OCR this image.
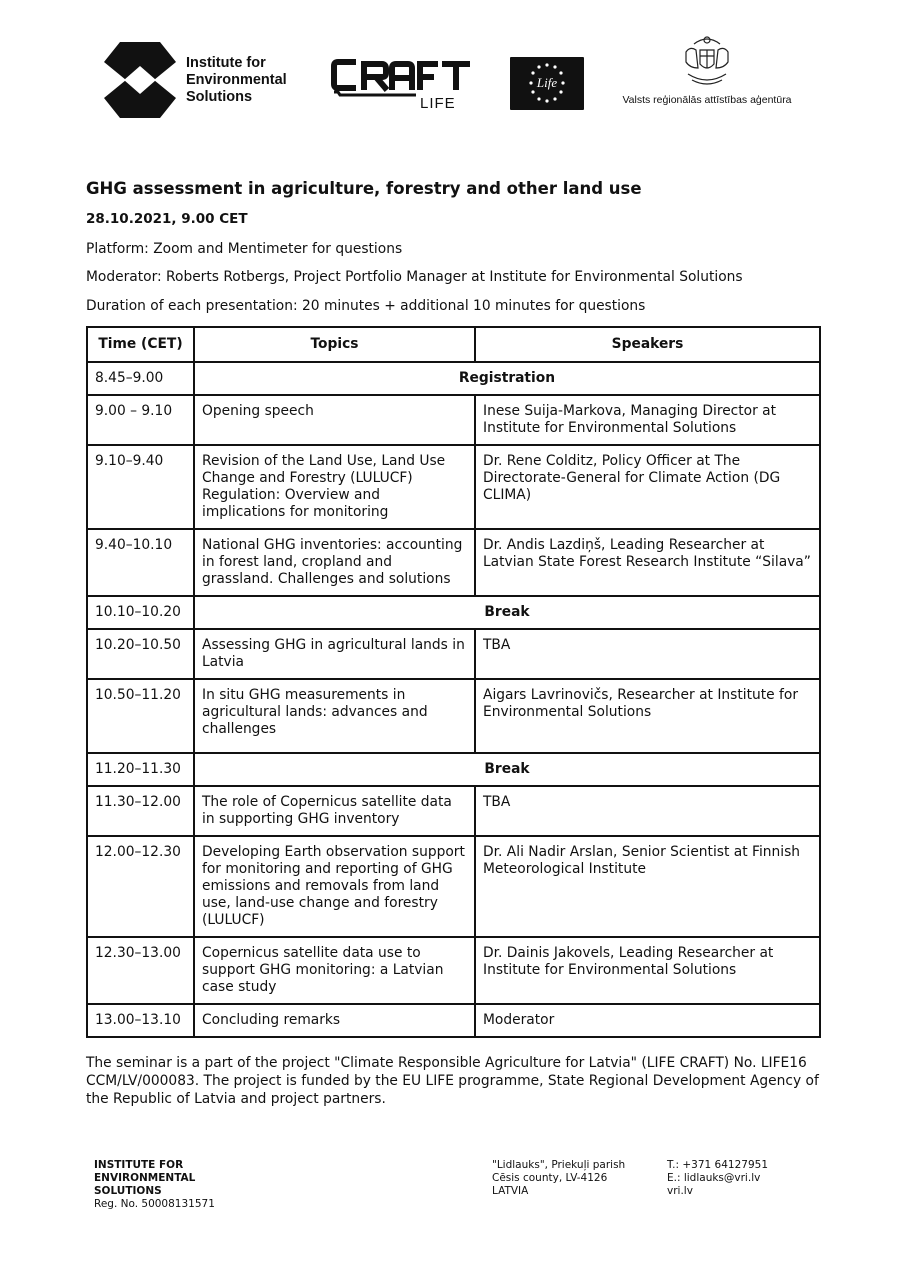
Institute for
Environmental
Solutions	LIFE
Life
Valsts reģionālās attīstības aģentūra
GHG assessment in agriculture, forestry and other land use
28.10.2021, 9.00 CET
Platform: Zoom and Mentimeter for questions
Moderator: Roberts Rotbergs, Project Portfolio Manager at Institute for Environmental Solutions
Duration of each presentation: 20 minutes + additional 10 minutes for questions
Time (CET)	Topics	Speakers
8.45–9.00	Registration	
9.00 – 9.10	Opening speech	Inese Suija-Markova, Managing Director at Institute for Environmental Solutions
9.10–9.40	Revision of the Land Use, Land Use Change and Forestry (LULUCF) Regulation: Overview and implications for monitoring	Dr. Rene Colditz, Policy Officer at The Directorate-General for Climate Action (DG CLIMA)
9.40–10.10	National GHG inventories: accounting in forest land, cropland and grassland. Challenges and solutions	Dr. Andis Lazdiņš, Leading Researcher at Latvian State Forest Research Institute “Silava”
10.10–10.20	Break	
10.20–10.50	Assessing GHG in agricultural lands in Latvia	TBA
10.50–11.20	In situ GHG measurements in agricultural lands: advances and challenges	Aigars Lavrinovičs, Researcher at Institute for Environmental Solutions
11.20–11.30	Break	
11.30–12.00	The role of Copernicus satellite data in supporting GHG inventory	TBA
12.00–12.30	Developing Earth observation support for monitoring and reporting of GHG emissions and removals from land use, land-use change and forestry (LULUCF)	Dr. Ali Nadir Arslan, Senior Scientist at Finnish Meteorological Institute
12.30–13.00	Copernicus satellite data use to support GHG monitoring: a Latvian case study	Dr. Dainis Jakovels, Leading Researcher at Institute for Environmental Solutions
13.00–13.10	Concluding remarks	Moderator

The seminar is a part of the project "Climate Responsible Agriculture for Latvia" (LIFE CRAFT) No. LIFE16 CCM/LV/000083. The project is funded by the EU LIFE programme, State Regional Development Agency of the Republic of Latvia and project partners.

INSTITUTE FOR
ENVIRONMENTAL
SOLUTIONS
Reg. No. 50008131571
"Lidlauks", Priekuļi parish
Cēsis county, LV-4126
LATVIA
T.: +371 64127951
E.: lidlauks@vri.lv
vri.lv
